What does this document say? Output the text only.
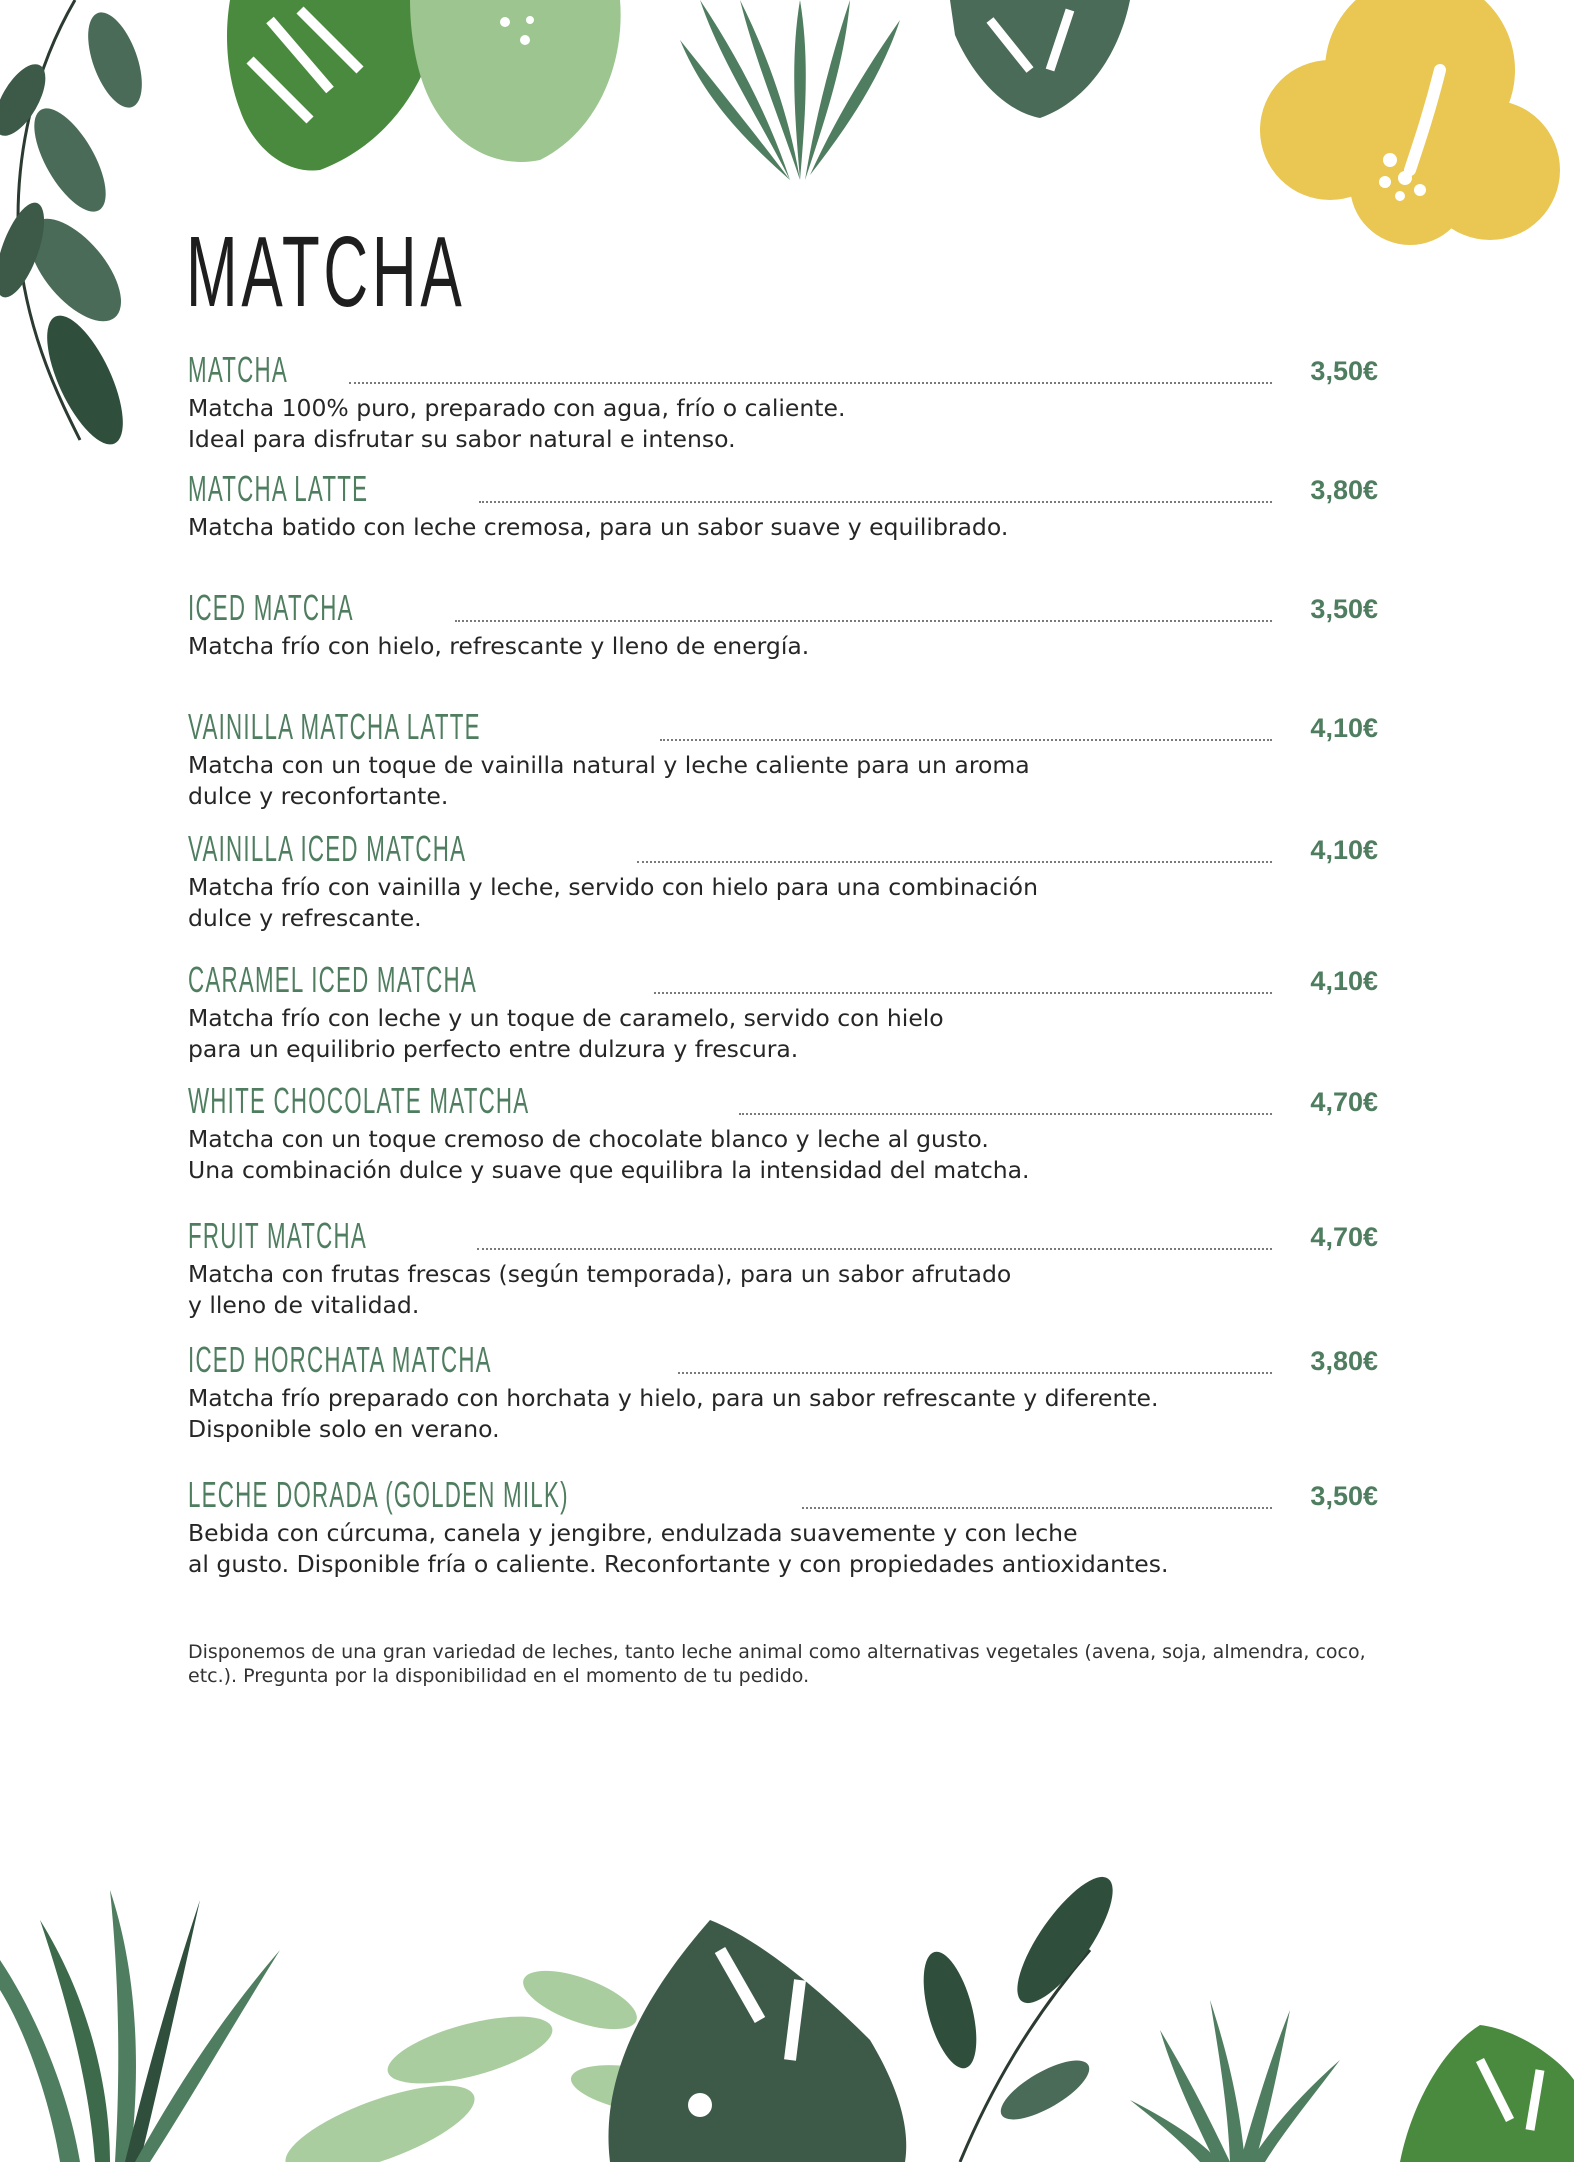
MATCHA
MATCHA	3,50€
Matcha 100% puro, preparado con agua, frío o caliente.
Ideal para disfrutar su sabor natural e intenso.
MATCHA LATTE	3,80€
Matcha batido con leche cremosa, para un sabor suave y equilibrado.
ICED MATCHA	3,50€
Matcha frío con hielo, refrescante y lleno de energía.
VAINILLA MATCHA LATTE	4,10€
Matcha con un toque de vainilla natural y leche caliente para un aroma
dulce y reconfortante.
VAINILLA ICED MATCHA	4,10€
Matcha frío con vainilla y leche, servido con hielo para una combinación
dulce y refrescante.
CARAMEL ICED MATCHA	4,10€
Matcha frío con leche y un toque de caramelo, servido con hielo
para un equilibrio perfecto entre dulzura y frescura.
WHITE CHOCOLATE MATCHA	4,70€
Matcha con un toque cremoso de chocolate blanco y leche al gusto.
Una combinación dulce y suave que equilibra la intensidad del matcha.
FRUIT MATCHA	4,70€
Matcha con frutas frescas (según temporada), para un sabor afrutado
y lleno de vitalidad.
ICED HORCHATA MATCHA	3,80€
Matcha frío preparado con horchata y hielo, para un sabor refrescante y diferente.
Disponible solo en verano.
LECHE DORADA (GOLDEN MILK)	3,50€
Bebida con cúrcuma, canela y jengibre, endulzada suavemente y con leche
al gusto. Disponible fría o caliente. Reconfortante y con propiedades antioxidantes.

Disponemos de una gran variedad de leches, tanto leche animal como alternativas vegetales (avena, soja, almendra, coco, etc.). Pregunta por la disponibilidad en el momento de tu pedido.
